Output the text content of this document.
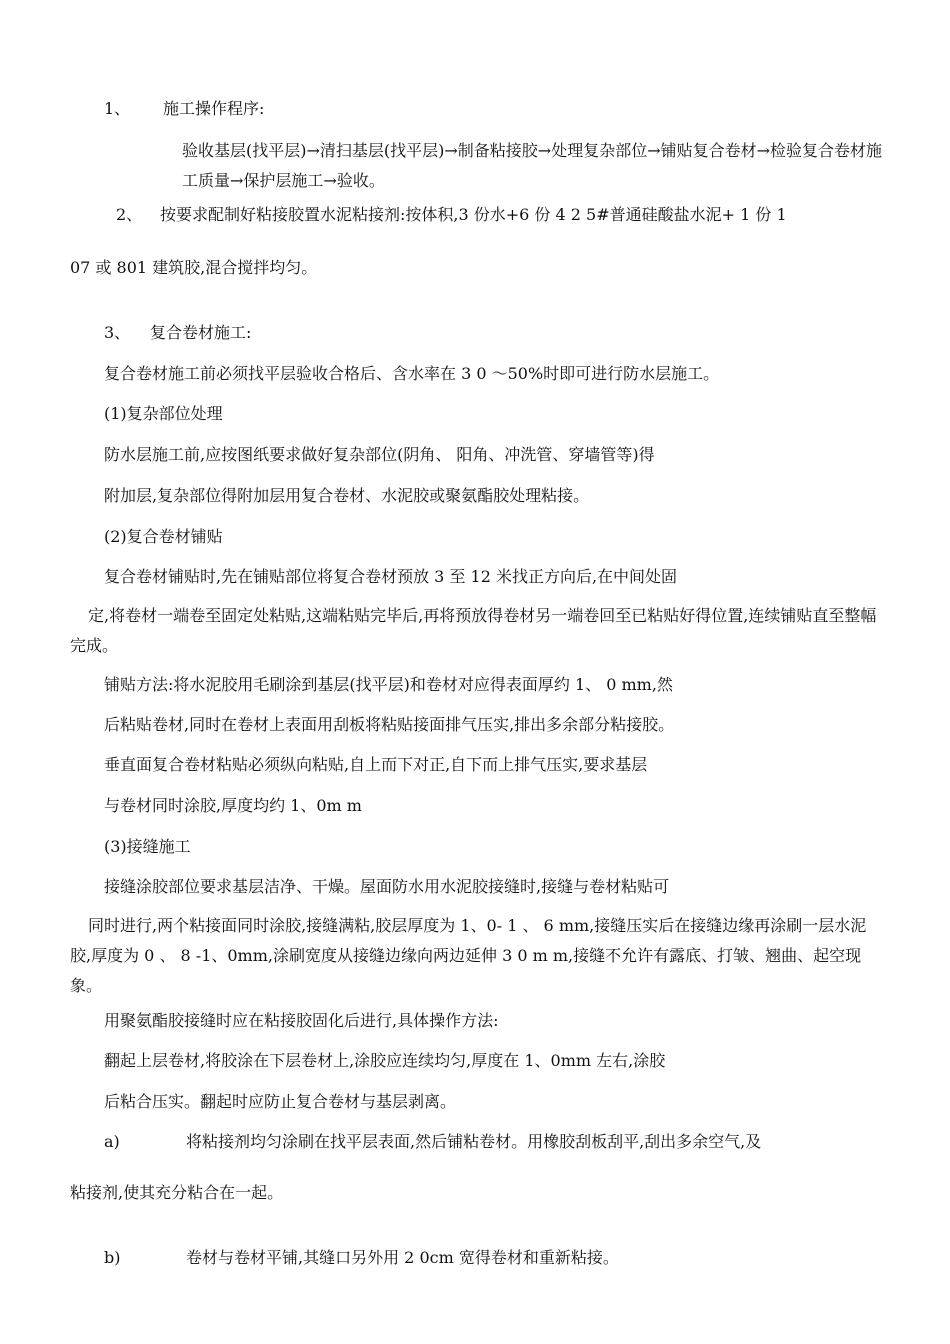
1、 施工操作程序:
验收基层(找平层)→清扫基层(找平层)→制备粘接胶→处理复杂部位→铺贴复合卷材→检验复合卷材施工质量→保护层施工→验收。
2、 按要求配制好粘接胶置水泥粘接剂:按体积,3 份水+6 份 4 2 5#普通硅酸盐水泥+ 1 份 1
07 或 801 建筑胶,混合搅拌均匀。
3、 复合卷材施工:
复合卷材施工前必须找平层验收合格后、含水率在 3 0 ～50%时即可进行防水层施工。
(1)复杂部位处理
防水层施工前,应按图纸要求做好复杂部位(阴角、 阳角、冲洗管、穿墙管等)得
附加层,复杂部位得附加层用复合卷材、水泥胶或聚氨酯胶处理粘接。
(2)复合卷材铺贴
复合卷材铺贴时,先在铺贴部位将复合卷材预放 3 至 12 米找正方向后,在中间处固
定,将卷材一端卷至固定处粘贴,这端粘贴完毕后,再将预放得卷材另一端卷回至已粘贴好得位置,连续铺贴直至整幅完成。
铺贴方法:将水泥胶用毛刷涂到基层(找平层)和卷材对应得表面厚约 1、 0 mm,然
后粘贴卷材,同时在卷材上表面用刮板将粘贴接面排气压实,排出多余部分粘接胶。
垂直面复合卷材粘贴必须纵向粘贴,自上而下对正,自下而上排气压实,要求基层
与卷材同时涂胶,厚度均约 1、0m m
(3)接缝施工
接缝涂胶部位要求基层洁净、干燥。屋面防水用水泥胶接缝时,接缝与卷材粘贴可
同时进行,两个粘接面同时涂胶,接缝满粘,胶层厚度为 1、0- 1 、 6 mm,接缝压实后在接缝边缘再涂刷一层水泥胶,厚度为 0 、 8 -1、0mm,涂刷宽度从接缝边缘向两边延伸 3 0 m m,接缝不允许有露底、打皱、翘曲、起空现象。
用聚氨酯胶接缝时应在粘接胶固化后进行,具体操作方法:
翻起上层卷材,将胶涂在下层卷材上,涂胶应连续均匀,厚度在 1、0mm 左右,涂胶
后粘合压实。翻起时应防止复合卷材与基层剥离。
a)	将粘接剂均匀涂刷在找平层表面,然后铺粘卷材。用橡胶刮板刮平,刮出多余空气,及
粘接剂,使其充分粘合在一起。
b)	卷材与卷材平铺,其缝口另外用 2 0cm 宽得卷材和重新粘接。
